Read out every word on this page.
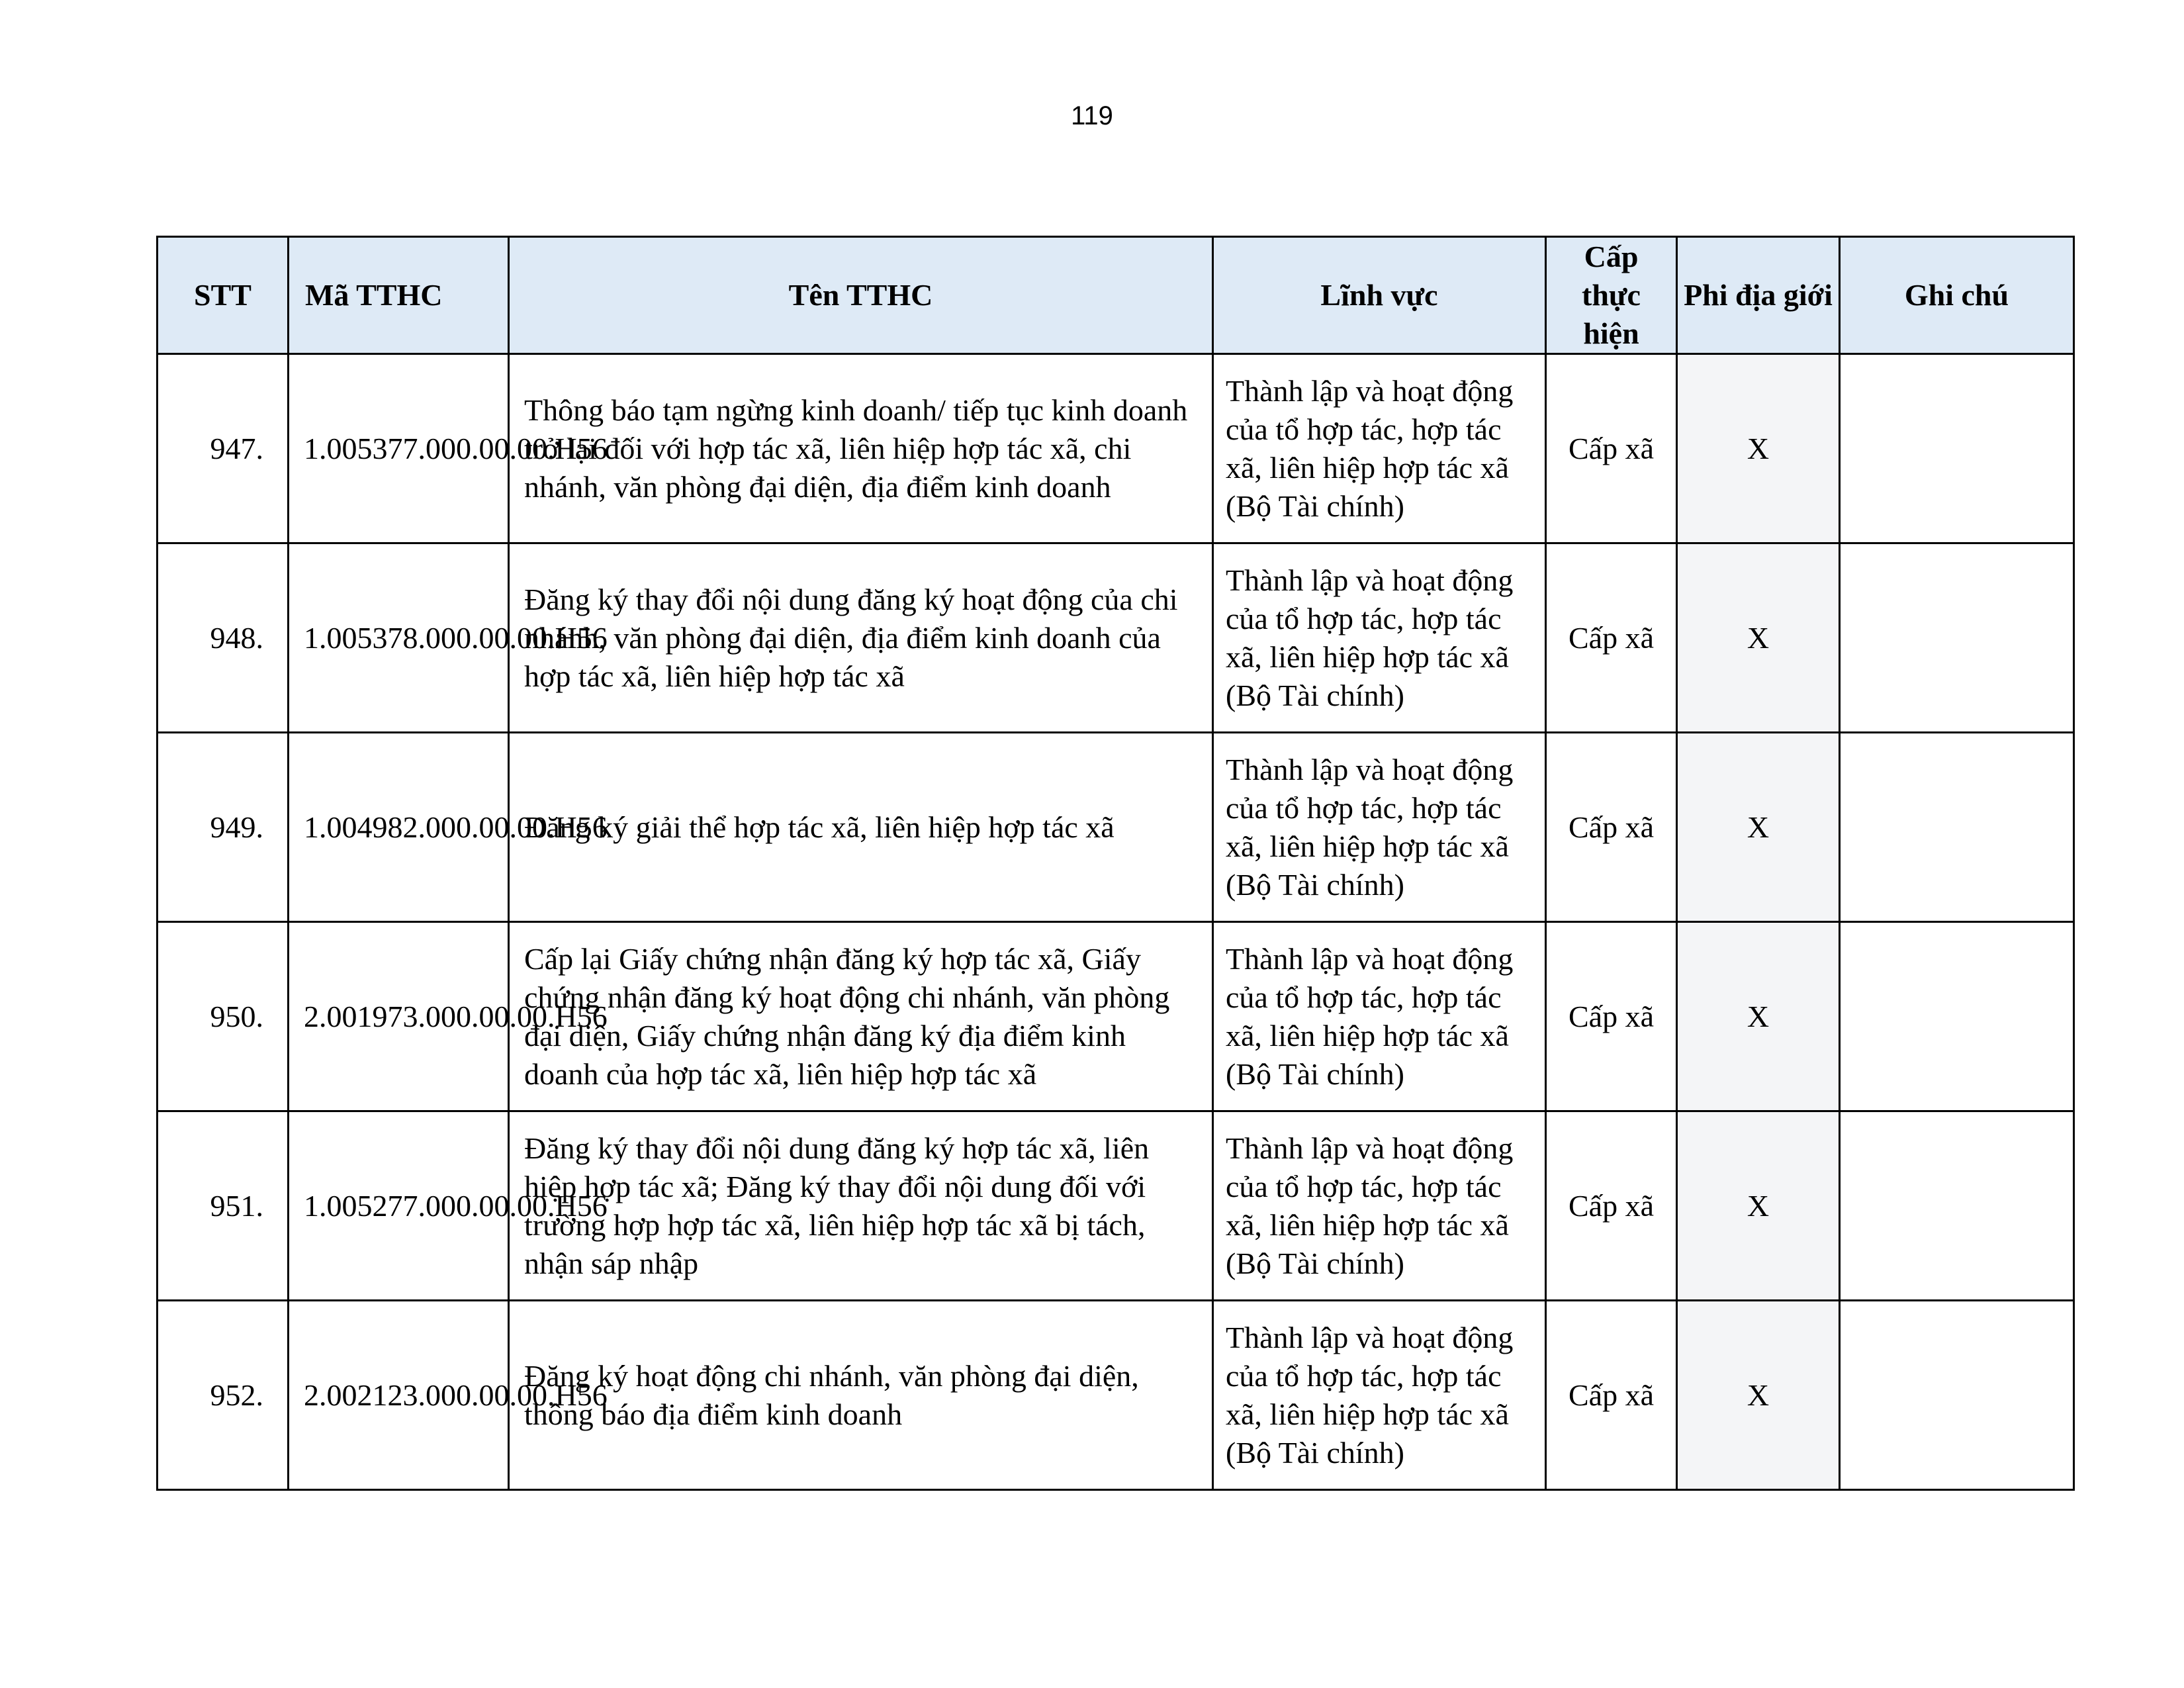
119
STT	Mã TTHC	Tên TTHC	Lĩnh vực	Cấp thực hiện	Phi địa giới	Ghi chú
947.	1.005377.000.00.00.H56	Thông báo tạm ngừng kinh doanh/ tiếp tục kinh doanh trở lại đối với hợp tác xã, liên hiệp hợp tác xã, chi nhánh, văn phòng đại diện, địa điểm kinh doanh	Thành lập và hoạt động của tổ hợp tác, hợp tác xã, liên hiệp hợp tác xã (Bộ Tài chính)	Cấp xã	X	
948.	1.005378.000.00.00.H56	Đăng ký thay đổi nội dung đăng ký hoạt động của chi nhánh, văn phòng đại diện, địa điểm kinh doanh của hợp tác xã, liên hiệp hợp tác xã	Thành lập và hoạt động của tổ hợp tác, hợp tác xã, liên hiệp hợp tác xã (Bộ Tài chính)	Cấp xã	X	
949.	1.004982.000.00.00.H56	Đăng ký giải thể hợp tác xã, liên hiệp hợp tác xã	Thành lập và hoạt động của tổ hợp tác, hợp tác xã, liên hiệp hợp tác xã (Bộ Tài chính)	Cấp xã	X	
950.	2.001973.000.00.00.H56	Cấp lại Giấy chứng nhận đăng ký hợp tác xã, Giấy chứng nhận đăng ký hoạt động chi nhánh, văn phòng đại diện, Giấy chứng nhận đăng ký địa điểm kinh doanh của hợp tác xã, liên hiệp hợp tác xã	Thành lập và hoạt động của tổ hợp tác, hợp tác xã, liên hiệp hợp tác xã (Bộ Tài chính)	Cấp xã	X	
951.	1.005277.000.00.00.H56	Đăng ký thay đổi nội dung đăng ký hợp tác xã, liên hiệp hợp tác xã; Đăng ký thay đổi nội dung đối với trường hợp hợp tác xã, liên hiệp hợp tác xã bị tách, nhận sáp nhập	Thành lập và hoạt động của tổ hợp tác, hợp tác xã, liên hiệp hợp tác xã (Bộ Tài chính)	Cấp xã	X	
952.	2.002123.000.00.00.H56	Đăng ký hoạt động chi nhánh, văn phòng đại diện, thông báo địa điểm kinh doanh	Thành lập và hoạt động của tổ hợp tác, hợp tác xã, liên hiệp hợp tác xã (Bộ Tài chính)	Cấp xã	X	
